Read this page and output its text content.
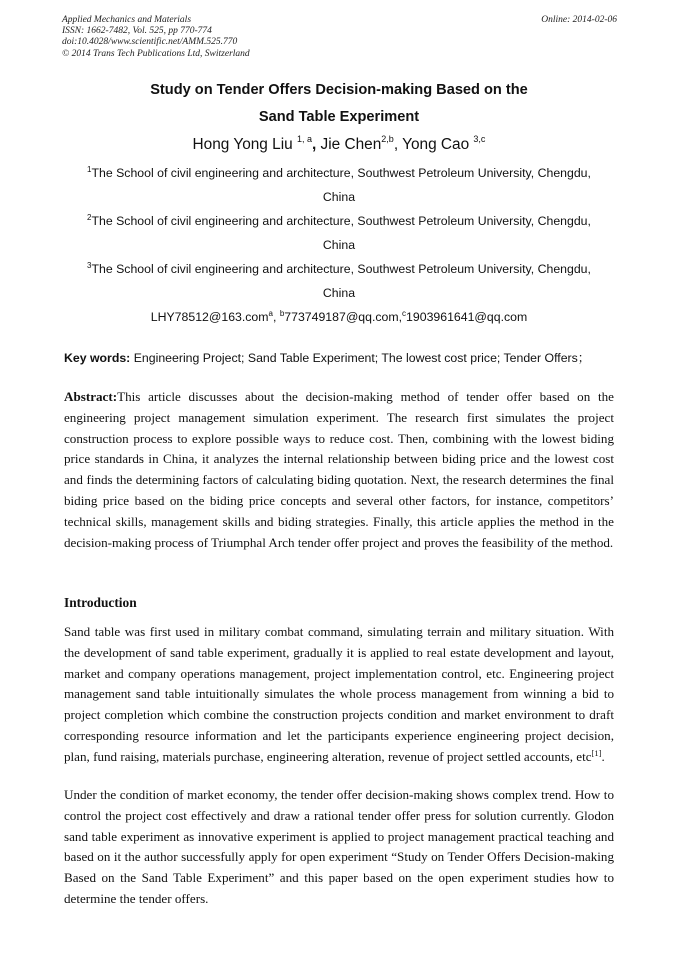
Applied Mechanics and Materials
ISSN: 1662-7482, Vol. 525, pp 770-774
doi:10.4028/www.scientific.net/AMM.525.770
© 2014 Trans Tech Publications Ltd, Switzerland
Online: 2014-02-06
Study on Tender Offers Decision-making Based on the
Sand Table Experiment
Hong Yong Liu $^{1, a}$, Jie Chen$^{2,b}$, Yong Cao $^{3,c}$
$^1$The School of civil engineering and architecture, Southwest Petroleum University, Chengdu, China
$^2$The School of civil engineering and architecture, Southwest Petroleum University, Chengdu, China
$^3$The School of civil engineering and architecture, Southwest Petroleum University, Chengdu, China
LHY78512@163.com$^a$, $^b$773749187@qq.com,$^c$1903961641@qq.com
Key words: Engineering Project; Sand Table Experiment; The lowest cost price; Tender Offers；
Abstract:This article discusses about the decision-making method of tender offer based on the engineering project management simulation experiment. The research first simulates the project construction process to explore possible ways to reduce cost. Then, combining with the lowest biding price standards in China, it analyzes the internal relationship between biding price and the lowest cost and finds the determining factors of calculating biding quotation. Next, the research determines the final biding price based on the biding price concepts and several other factors, for instance, competitors’ technical skills, management skills and biding strategies. Finally, this article applies the method in the decision-making process of Triumphal Arch tender offer project and proves the feasibility of the method.
Introduction
Sand table was first used in military combat command, simulating terrain and military situation. With the development of sand table experiment, gradually it is applied to real estate development and layout, market and company operations management, project implementation control, etc. Engineering project management sand table intuitionally simulates the whole process management from winning a bid to project completion which combine the construction projects condition and market environment to draft corresponding resource information and let the participants experience engineering project decision, plan, fund raising, materials purchase, engineering alteration, revenue of project settled accounts, etc[1].
Under the condition of market economy, the tender offer decision-making shows complex trend. How to control the project cost effectively and draw a rational tender offer press for solution currently. Glodon sand table experiment as innovative experiment is applied to project management practical teaching and based on it the author successfully apply for open experiment “Study on Tender Offers Decision-making Based on the Sand Table Experiment” and this paper based on the open experiment studies how to determine the tender offers.
